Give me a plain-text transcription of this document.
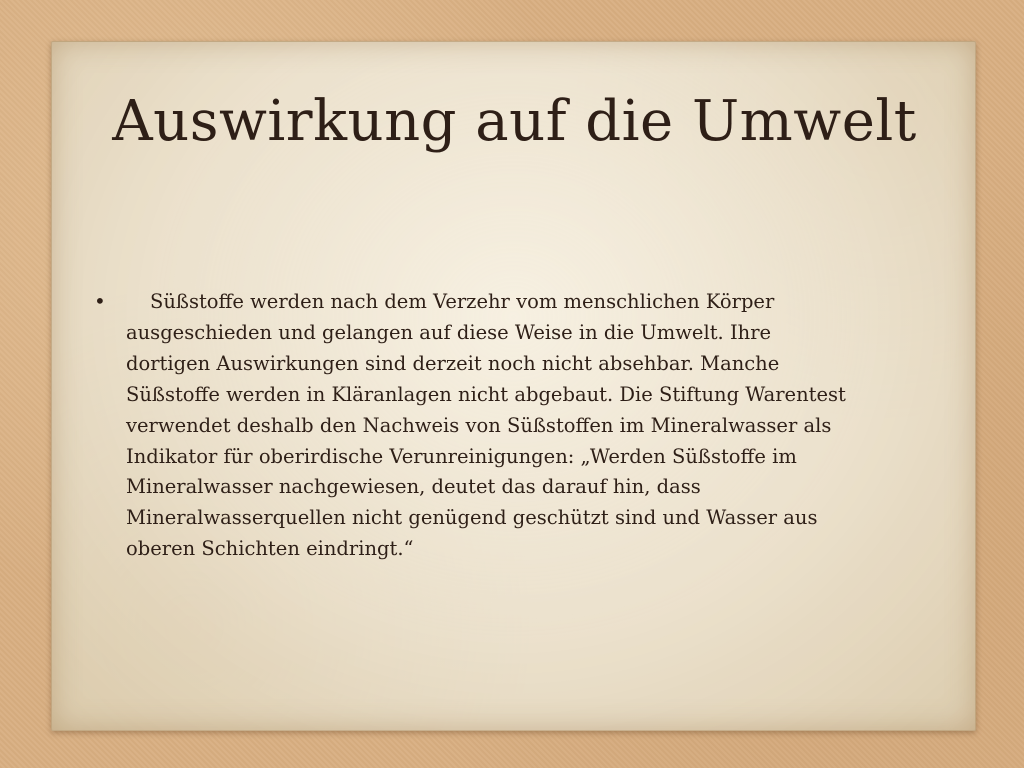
Auswirkung auf die Umwelt
•	Süßstoffe werden nach dem Verzehr vom menschlichen Körper ausgeschieden und gelangen auf diese Weise in die Umwelt. Ihre dortigen Auswirkungen sind derzeit noch nicht absehbar. Manche Süßstoffe werden in Kläranlagen nicht abgebaut. Die Stiftung Warentest verwendet deshalb den Nachweis von Süßstoffen im Mineralwasser als Indikator für oberirdische Verunreinigungen: „Werden Süßstoffe im Mineralwasser nachgewiesen, deutet das darauf hin, dass Mineralwasserquellen nicht genügend geschützt sind und Wasser aus oberen Schichten eindringt.“
